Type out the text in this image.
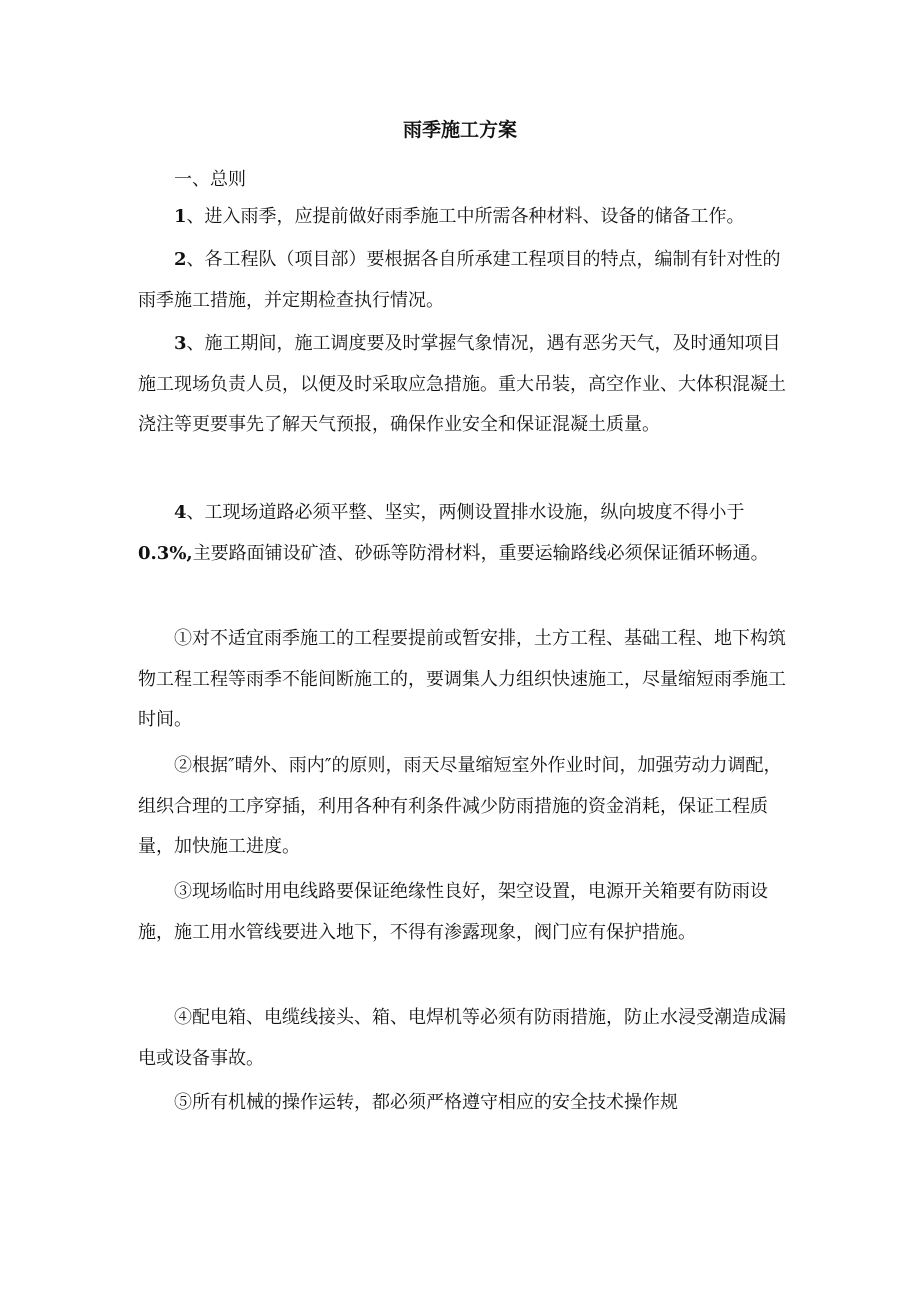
雨季施工方案

一、总则

1、进入雨季，应提前做好雨季施工中所需各种材料、设备的储备工作。

2、各工程队（项目部）要根据各自所承建工程项目的特点，编制有针对性的雨季施工措施，并定期检查执行情况。

3、施工期间，施工调度要及时掌握气象情况，遇有恶劣天气，及时通知项目施工现场负责人员，以便及时采取应急措施。重大吊装，高空作业、大体积混凝土浇注等更要事先了解天气预报，确保作业安全和保证混凝土质量。

4、工现场道路必须平整、坚实，两侧设置排水设施，纵向坡度不得小于 0.3%,主要路面铺设矿渣、砂砾等防滑材料，重要运输路线必须保证循环畅通。

①对不适宜雨季施工的工程要提前或暂安排，土方工程、基础工程、地下构筑物工程工程等雨季不能间断施工的，要调集人力组织快速施工，尽量缩短雨季施工时间。

②根据″晴外、雨内″的原则，雨天尽量缩短室外作业时间，加强劳动力调配，组织合理的工序穿插，利用各种有利条件减少防雨措施的资金消耗，保证工程质量，加快施工进度。

③现场临时用电线路要保证绝缘性良好，架空设置，电源开关箱要有防雨设施，施工用水管线要进入地下，不得有渗露现象，阀门应有保护措施。

④配电箱、电缆线接头、箱、电焊机等必须有防雨措施，防止水浸受潮造成漏电或设备事故。

⑤所有机械的操作运转，都必须严格遵守相应的安全技术操作规
